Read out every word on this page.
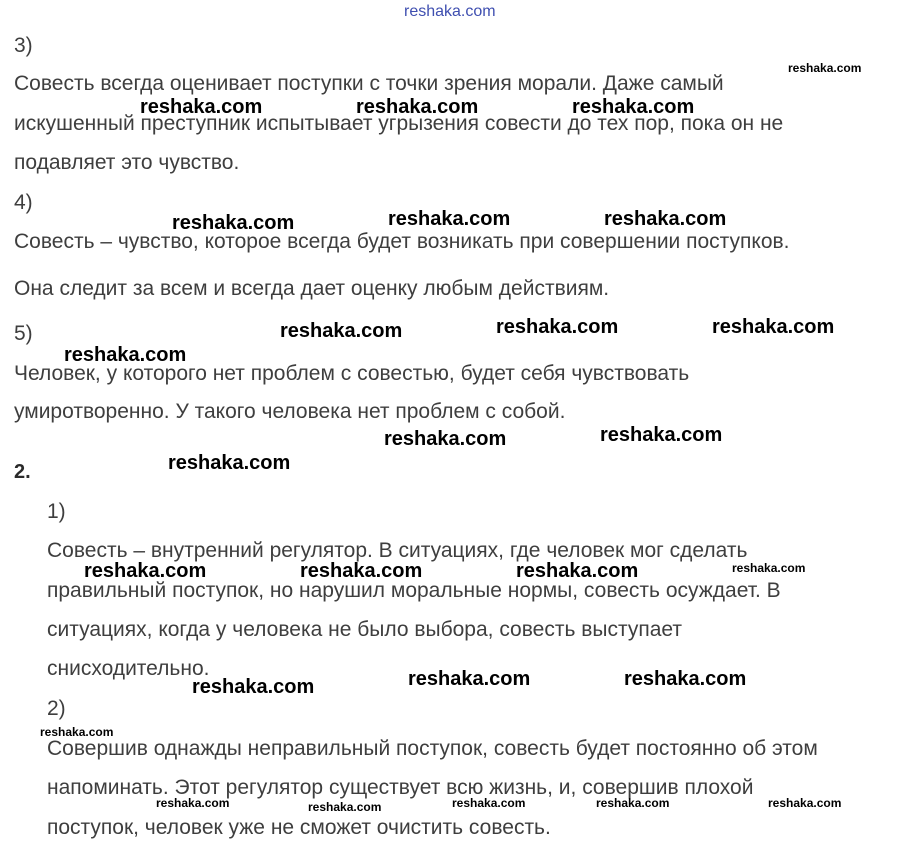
reshaka.com
3)
Совесть всегда оценивает поступки с точки зрения морали. Даже самый
искушенный преступник испытывает угрызения совести до тех пор, пока он не
подавляет это чувство.
4)
Совесть – чувство, которое всегда будет возникать при совершении поступков.
Она следит за всем и всегда дает оценку любым действиям.
5)
Человек, у которого нет проблем с совестью, будет себя чувствовать
умиротворенно. У такого человека нет проблем с собой.
2.
1)
Совесть – внутренний регулятор. В ситуациях, где человек мог сделать
правильный поступок, но нарушил моральные нормы, совесть осуждает. В
ситуациях, когда у человека не было выбора, совесть выступает
снисходительно.
2)
Совершив однажды неправильный поступок, совесть будет постоянно об этом
напоминать. Этот регулятор существует всю жизнь, и, совершив плохой
поступок, человек уже не сможет очистить совесть.
reshaka.com	reshaka.com	reshaka.com
reshaka.com	reshaka.com	reshaka.com
reshaka.com	reshaka.com	reshaka.com
reshaka.com
reshaka.com	reshaka.com
reshaka.com
reshaka.com	reshaka.com	reshaka.com
reshaka.com	reshaka.com	reshaka.com
reshaka.com
reshaka.com
reshaka.com
reshaka.com	reshaka.com	reshaka.com	reshaka.com	reshaka.com
